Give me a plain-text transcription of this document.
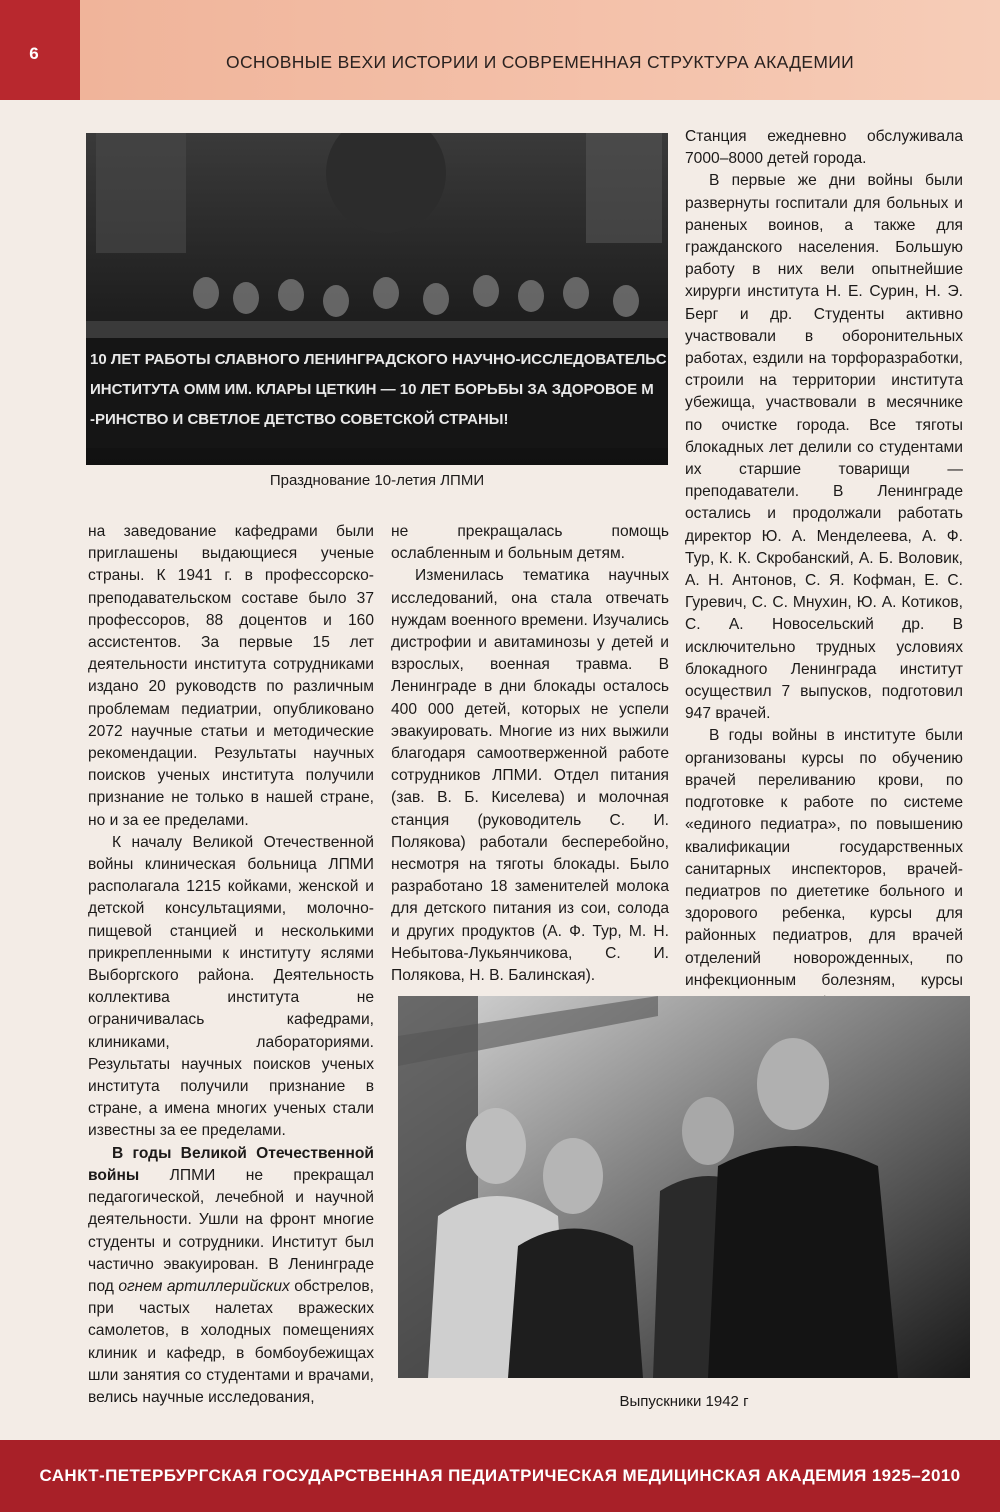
6	ОСНОВНЫЕ ВЕХИ ИСТОРИИ И СОВРЕМЕННАЯ СТРУКТУРА АКАДЕМИИ
10 ЛЕТ РАБОТЫ СЛАВНОГО ЛЕНИНГРАДСКОГО НАУЧНО-ИССЛЕДОВАТЕЛЬС
ИНСТИТУТА ОММ ИМ. КЛАРЫ ЦЕТКИН — 10 ЛЕТ БОРЬБЫ ЗА ЗДОРОВОЕ М
-РИНСТВО И СВЕТЛОЕ ДЕТСТВО СОВЕТСКОЙ СТРАНЫ!
Празднование 10-летия ЛПМИ

на заведование кафедрами были приглашены выдающиеся ученые страны. К 1941 г. в профессорско-преподавательском составе было 37 профессоров, 88 доцентов и 160 ассистентов. За первые 15 лет деятельности института сотрудниками издано 20 руководств по различным проблемам педиатрии, опубликовано 2072 научные статьи и методические рекомендации. Результаты научных поисков ученых института получили признание не только в нашей стране, но и за ее пределами.

К началу Великой Отечественной войны клиническая больница ЛПМИ располагала 1215 койками, женской и детской консультациями, молочно-пищевой станцией и несколькими прикрепленными к институту яслями Выборгского района. Деятельность коллектива института не ограничивалась кафедрами, клиниками, лабораториями. Результаты научных поисков ученых института получили признание в стране, а имена многих ученых стали известны за ее пределами.

В годы Великой Отечественной войны ЛПМИ не прекращал педагогической, лечебной и научной деятельности. Ушли на фронт многие студенты и сотрудники. Институт был частично эвакуирован. В Ленинграде под огнем артиллерийских обстрелов, при частых налетах вражеских самолетов, в холодных помещениях клиник и кафедр, в бомбоубежищах шли занятия со студентами и врачами, велись научные исследования,

не прекращалась помощь ослабленным и больным детям.

Изменилась тематика научных исследований, она стала отвечать нуждам военного времени. Изучались дистрофии и авитаминозы у детей и взрослых, военная травма. В Ленинграде в дни блокады осталось 400 000 детей, которых не успели эвакуировать. Многие из них выжили благодаря самоотверженной работе сотрудников ЛПМИ. Отдел питания (зав. В. Б. Киселева) и молочная станция (руководитель С. И. Полякова) работали бесперебойно, несмотря на тяготы блокады. Было разработано 18 заменителей молока для детского питания из сои, солода и других продуктов (А. Ф. Тур, М. Н. Небытова-Лукьянчикова, С. И. Полякова, Н. В. Балинская).

Станция ежедневно обслуживала 7000–8000 детей города.

В первые же дни войны были развернуты госпитали для больных и раненых воинов, а также для гражданского населения. Большую работу в них вели опытнейшие хирурги института Н. Е. Сурин, Н. Э. Берг и др. Студенты активно участвовали в оборонительных работах, ездили на торфоразработки, строили на территории института убежища, участвовали в месячнике по очистке города. Все тяготы блокадных лет делили со студентами их старшие товарищи — преподаватели. В Ленинграде остались и продолжали работать директор Ю. А. Менделеева, А. Ф. Тур, К. К. Скробанский, А. Б. Воловик, А. Н. Антонов, С. Я. Кофман, Е. С. Гуревич, С. С. Мнухин, Ю. А. Котиков, С. А. Новосельский др. В исключительно трудных условиях блокадного Ленинграда институт осуществил 7 выпусков, подготовил 947 врачей.

В годы войны в институте были организованы курсы по обучению врачей переливанию крови, по подготовке к работе по системе «единого педиатра», по повышению квалификации государственных санитарных инспекторов, врачей-педиатров по диететике больного и здорового ребенка, курсы для районных педиатров, для врачей отделений новорожденных, по инфекционным болезням, курсы

Выпускники 1942 г
САНКТ-ПЕТЕРБУРГСКАЯ ГОСУДАРСТВЕННАЯ ПЕДИАТРИЧЕСКАЯ МЕДИЦИНСКАЯ АКАДЕМИЯ 1925–2010
